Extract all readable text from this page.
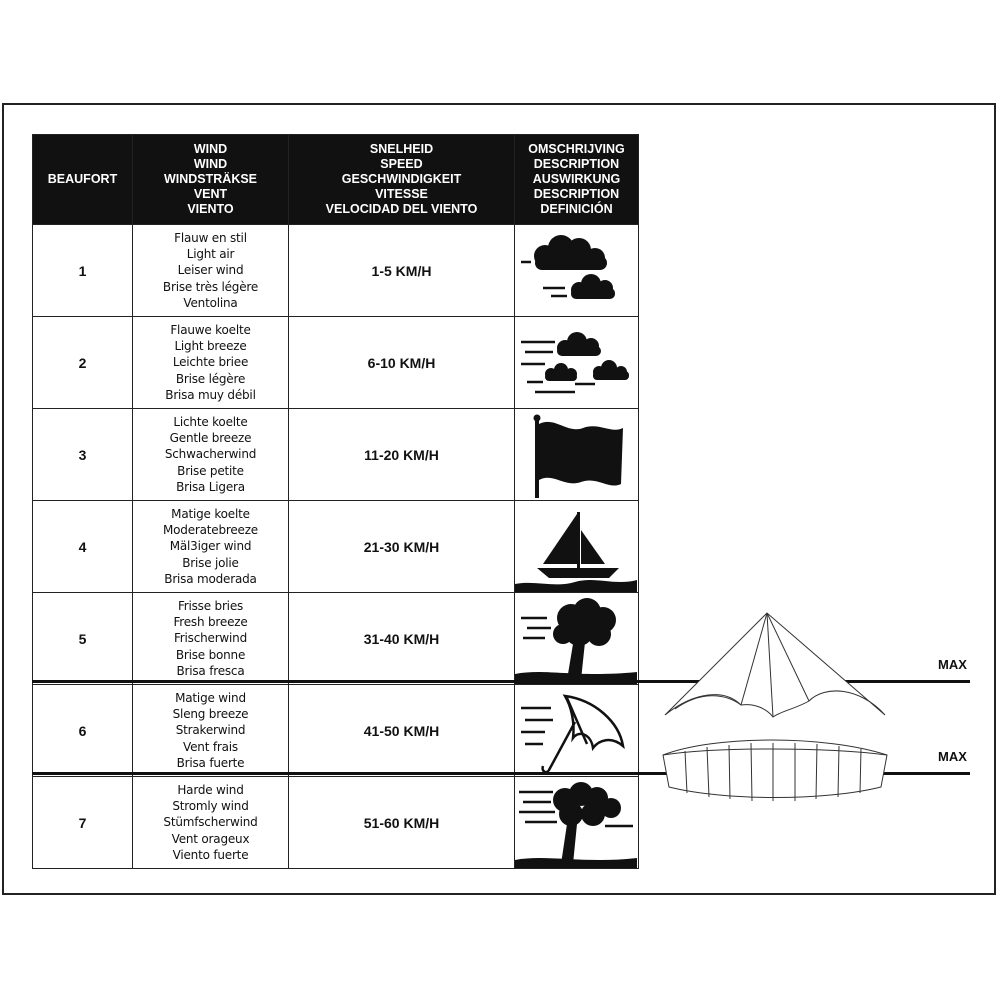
BEAUFORT	WIND
WIND
WINDSTRÄKSE
VENT
VIENTO	SNELHEID
SPEED
GESCHWINDIGKEIT
VITESSE
VELOCIDAD DEL VIENTO	OMSCHRIJVING
DESCRIPTION
AUSWIRKUNG
DESCRIPTION
DEFINICIÓN

1	Flauw en stil
Light air
Leiser wind
Brise très légère
Ventolina	1-5 KM/H	

2	Flauwe koelte
Light breeze
Leichte briee
Brise légère
Brisa muy débil	6-10 KM/H	

3	Lichte koelte
Gentle breeze
Schwacherwind
Brise petite
Brisa Ligera	11-20 KM/H	

4	Matige koelte
Moderatebreeze
Mäl3iger wind
Brise jolie
Brisa moderada	21-30 KM/H	

5	Frisse bries
Fresh breeze
Frischerwind
Brise bonne
Brisa fresca	31-40 KM/H	

6	Matige wind
Sleng breeze
Strakerwind
Vent frais
Brisa fuerte	41-50 KM/H	

7	Harde wind
Stromly wind
Stümfscherwind
Vent orageux
Viento fuerte	51-60 KM/H	
MAX
MAX
